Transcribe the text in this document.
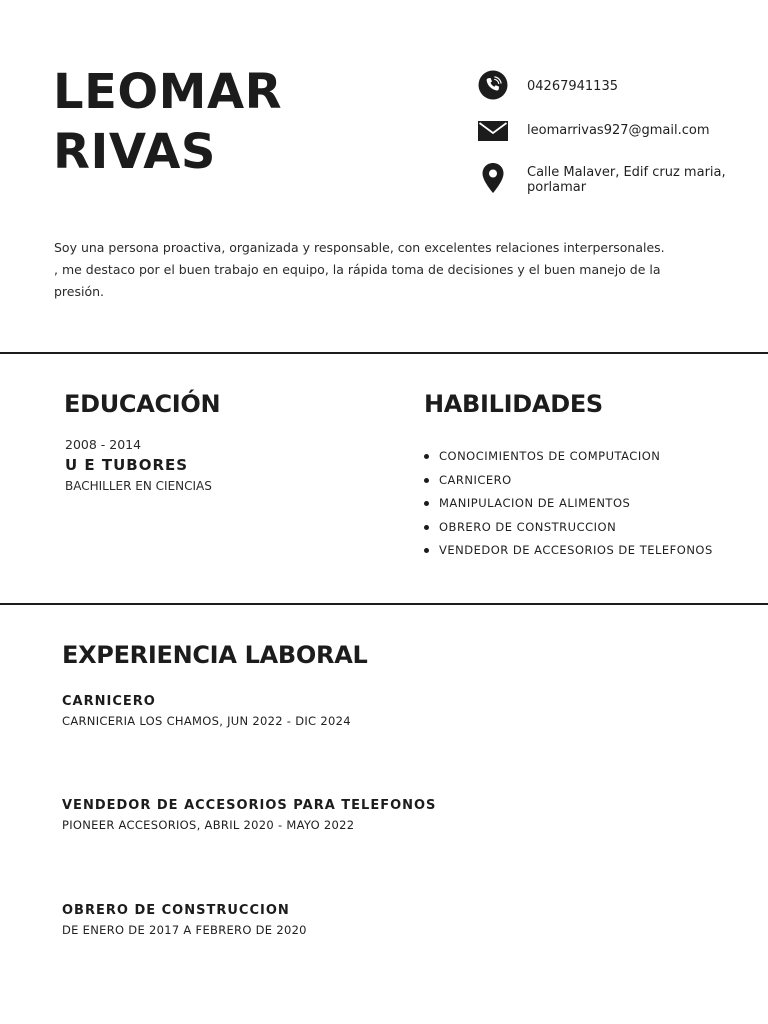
LEOMAR
RIVAS
04267941135
leomarrivas927@gmail.com
Calle Malaver, Edif cruz maria,
porlamar
Soy una persona proactiva, organizada y responsable, con excelentes relaciones interpersonales.
, me destaco por el buen trabajo en equipo, la rápida toma de decisiones y el buen manejo de la
presión.
EDUCACIÓN
2008 - 2014
U E TUBORES
BACHILLER EN CIENCIAS
HABILIDADES
CONOCIMIENTOS DE COMPUTACION
CARNICERO
MANIPULACION DE ALIMENTOS
OBRERO DE CONSTRUCCION
VENDEDOR DE ACCESORIOS DE TELEFONOS
EXPERIENCIA LABORAL
CARNICERO
CARNICERIA LOS CHAMOS, JUN 2022 - DIC 2024
VENDEDOR DE ACCESORIOS PARA TELEFONOS
PIONEER ACCESORIOS, ABRIL 2020 - MAYO 2022
OBRERO DE CONSTRUCCION
DE ENERO DE 2017 A FEBRERO DE 2020
